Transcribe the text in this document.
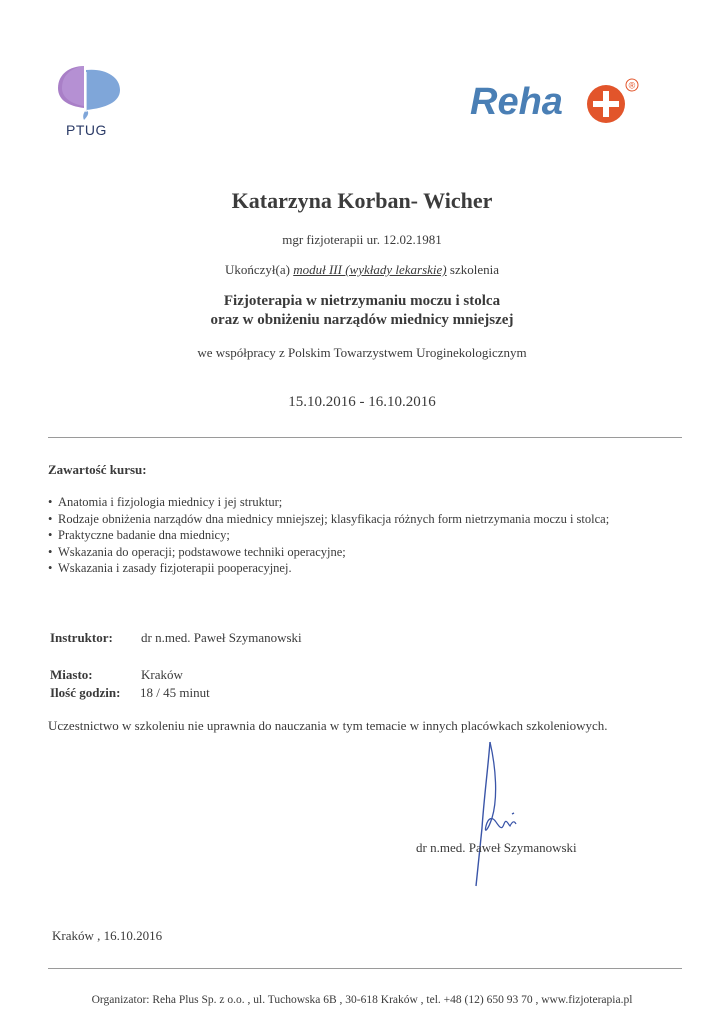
PTUG
Reha	®
Katarzyna Korban- Wicher
mgr fizjoterapii ur. 12.02.1981
Ukończył(a) moduł III (wykłady lekarskie) szkolenia
Fizjoterapia w nietrzymaniu moczu i stolca
oraz w obniżeniu narządów miednicy mniejszej
we współpracy z Polskim Towarzystwem Uroginekologicznym
15.10.2016 - 16.10.2016
Zawartość kursu:
• Anatomia i fizjologia miednicy i jej struktur;
• Rodzaje obniżenia narządów dna miednicy mniejszej; klasyfikacja różnych form nietrzymania moczu i stolca;
• Praktyczne badanie dna miednicy;
• Wskazania do operacji; podstawowe techniki operacyjne;
• Wskazania i zasady fizjoterapii pooperacyjnej.
Instruktor: dr n.med. Paweł Szymanowski
Miasto:	Kraków
Ilość godzin: 18 / 45 minut
Uczestnictwo w szkoleniu nie uprawnia do nauczania w tym temacie w innych placówkach szkoleniowych.
dr n.med. Paweł Szymanowski
Kraków , 16.10.2016
Organizator: Reha Plus Sp. z o.o. , ul. Tuchowska 6B , 30-618 Kraków , tel. +48 (12) 650 93 70 , www.fizjoterapia.pl
